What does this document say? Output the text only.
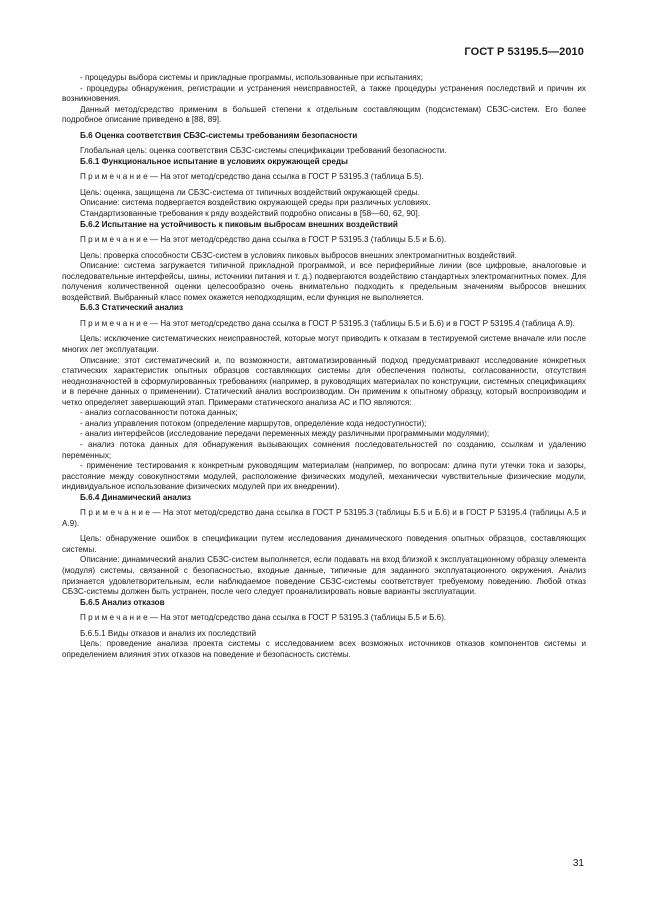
ГОСТ Р 53195.5—2010

- процедуры выбора системы и прикладные программы, использованные при испытаниях;

- процедуры обнаружения, регистрации и устранения неисправностей, а также процедуры устранения последствий и причин их возникновения.

Данный метод/средство применим в большей степени к отдельным составляющим (подсистемам) СБЗС-систем. Его более подробное описание приведено в [88, 89].

Б.6 Оценка соответствия СБЗС-системы требованиям безопасности

Глобальная цель: оценка соответствия СБЗС-системы спецификации требований безопасности.

Б.6.1 Функциональное испытание в условиях окружающей среды

П р и м е ч а н и е — На этот метод/средство дана ссылка в ГОСТ Р 53195.3 (таблица Б.5).

Цель: оценка, защищена ли СБЗС-система от типичных воздействий окружающей среды.

Описание: система подвергается воздействию окружающей среды при различных условиях.

Стандартизованные требования к ряду воздействий подробно описаны в [58—60, 62, 90].

Б.6.2 Испытание на устойчивость к пиковым выбросам внешних воздействий

П р и м е ч а н и е — На этот метод/средство дана ссылка в ГОСТ Р 53195.3 (таблицы Б.5 и Б.6).

Цель: проверка способности СБЗС-систем в условиях пиковых выбросов внешних электромагнитных воздействий.

Описание: система загружается типичной прикладной программой, и все периферийные линии (все цифровые, аналоговые и последовательные интерфейсы, шины, источники питания и т. д.) подвергаются воздействию стандартных электромагнитных помех. Для получения количественной оценки целесообразно очень внимательно подходить к предельным значениям выбросов внешних воздействий. Выбранный класс помех окажется неподходящим, если функция не выполняется.

Б.6.3 Статический анализ

П р и м е ч а н и е — На этот метод/средство дана ссылка в ГОСТ Р 53195.3 (таблицы Б.5 и Б.6) и в ГОСТ Р 53195.4 (таблица А.9).

Цель: исключение систематических неисправностей, которые могут приводить к отказам в тестируемой системе вначале или после многих лет эксплуатации.

Описание: этот систематический и, по возможности, автоматизированный подход предусматривают исследование конкретных статических характеристик опытных образцов составляющих системы для обеспечения полноты, согласованности, отсутствия неоднозначностей в сформулированных требованиях (например, в руководящих материалах по конструкции, системных спецификациях и в перечне данных о применении). Статический анализ воспроизводим. Он применим к опытному образцу, который воспроизводим и четко определяет завершающий этап. Примерами статического анализа АС и ПО являются:

- анализ согласованности потока данных;

- анализ управления потоком (определение маршрутов, определение кода недоступности);

- анализ интерфейсов (исследование передачи переменных между различными программными модулями);

- анализ потока данных для обнаружения вызывающих сомнения последовательностей по созданию, ссылкам и удалению переменных;

- применение тестирования к конкретным руководящим материалам (например, по вопросам: длина пути утечки тока и зазоры, расстояние между совокупностями модулей, расположение физических модулей, механически чувствительные физические модули, индивидуальное использование физических модулей при их внедрении).

Б.6.4 Динамический анализ

П р и м е ч а н и е — На этот метод/средство дана ссылка в ГОСТ Р 53195.3 (таблицы Б.5 и Б.6) и в ГОСТ Р 53195.4 (таблицы А.5 и А.9).

Цель: обнаружение ошибок в спецификации путем исследования динамического поведения опытных образцов, составляющих системы.

Описание: динамический анализ СБЗС-систем выполняется, если подавать на вход близкой к эксплуатационному образцу элемента (модуля) системы, связанной с безопасностью, входные данные, типичные для заданного эксплуатационного окружения. Анализ признается удовлетворительным, если наблюдаемое поведение СБЗС-системы соответствует требуемому поведению. Любой отказ СБЗС-системы должен быть устранен, после чего следует проанализировать новые варианты эксплуатации.

Б.6.5 Анализ отказов

П р и м е ч а н и е — На этот метод/средство дана ссылка в ГОСТ Р 53195.3 (таблицы Б.5 и Б.6).

Б.6.5.1 Виды отказов и анализ их последствий

Цель: проведение анализа проекта системы с исследованием всех возможных источников отказов компонентов системы и определением влияния этих отказов на поведение и безопасность системы.

31
